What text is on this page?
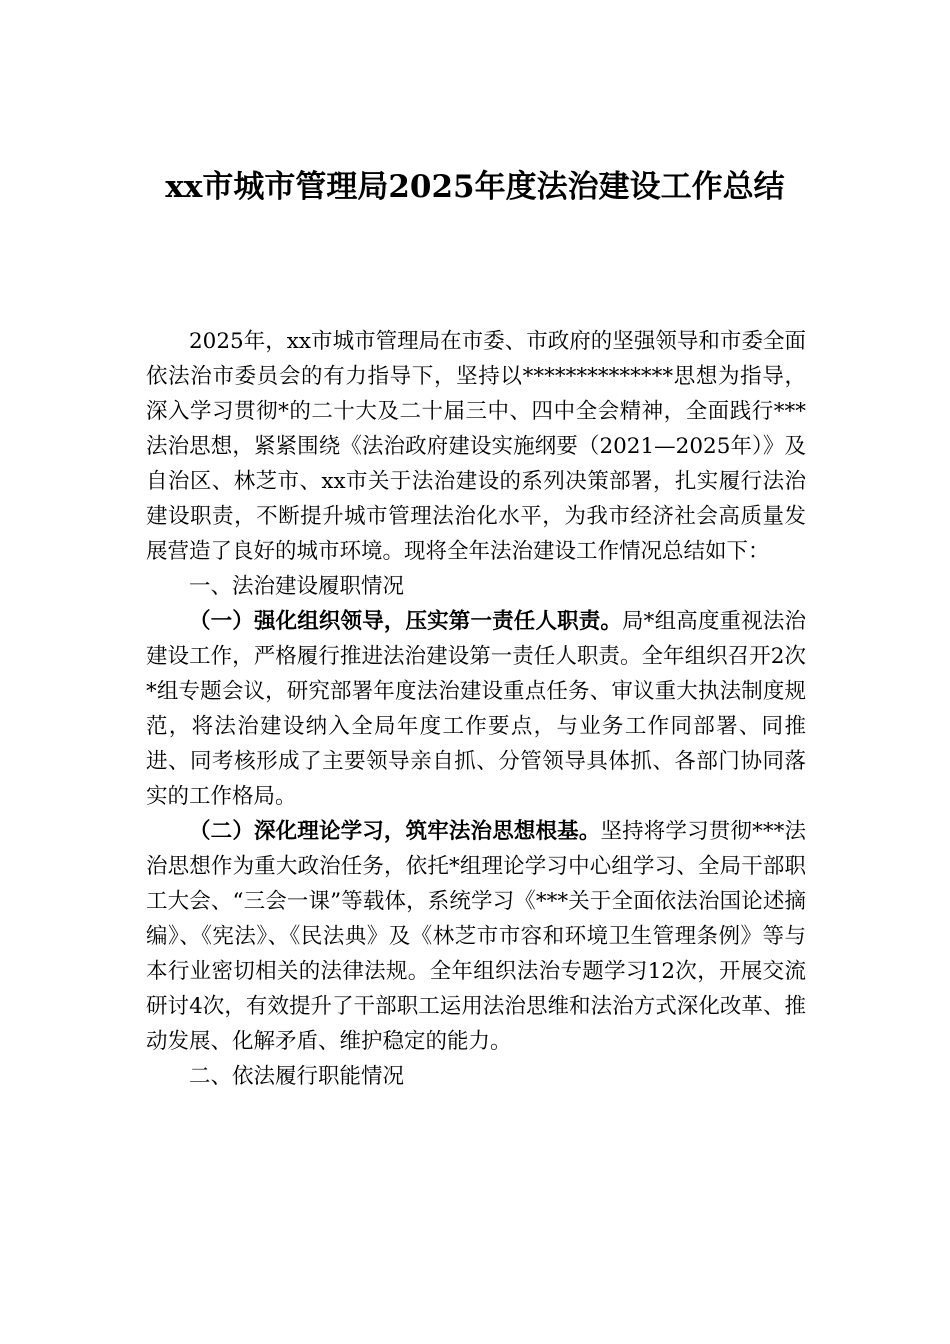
xx市城市管理局2025年度法治建设工作总结

2025年，xx市城市管理局在市委、市政府的坚强领导和市委全面依法治市委员会的有力指导下，坚持以**************思想为指导，深入学习贯彻*的二十大及二十届三中、四中全会精神，全面践行***法治思想，紧紧围绕《法治政府建设实施纲要（2021—2025年）》及自治区、林芝市、xx市关于法治建设的系列决策部署，扎实履行法治建设职责，不断提升城市管理法治化水平，为我市经济社会高质量发展营造了良好的城市环境。现将全年法治建设工作情况总结如下：

一、法治建设履职情况

（一）强化组织领导，压实第一责任人职责。局*组高度重视法治建设工作，严格履行推进法治建设第一责任人职责。全年组织召开2次*组专题会议，研究部署年度法治建设重点任务、审议重大执法制度规范，将法治建设纳入全局年度工作要点，与业务工作同部署、同推进、同考核形成了主要领导亲自抓、分管领导具体抓、各部门协同落实的工作格局。

（二）深化理论学习，筑牢法治思想根基。坚持将学习贯彻***法治思想作为重大政治任务，依托*组理论学习中心组学习、全局干部职工大会、“三会一课”等载体，系统学习《***关于全面依法治国论述摘编》、《宪法》、《民法典》及《林芝市市容和环境卫生管理条例》等与本行业密切相关的法律法规。全年组织法治专题学习12次，开展交流研讨4次，有效提升了干部职工运用法治思维和法治方式深化改革、推动发展、化解矛盾、维护稳定的能力。

二、依法履行职能情况
